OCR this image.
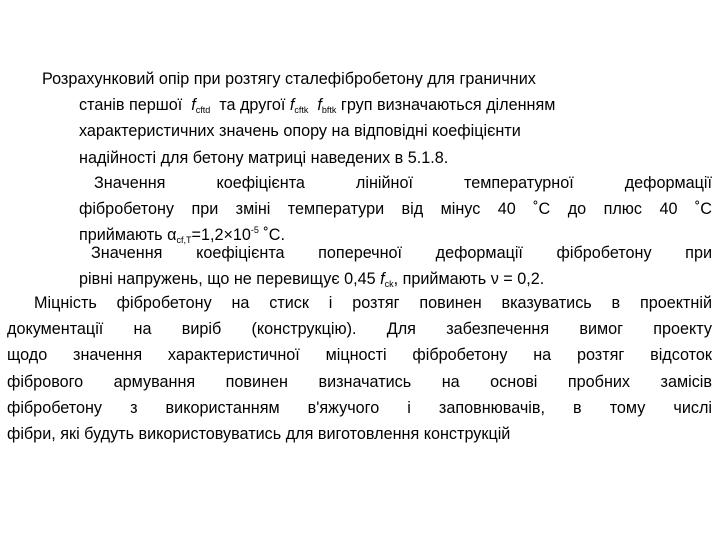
Розрахунковий опір при розтягу сталефібробетону для граничних
станів першої $f_{cftd}$ та другої $f_{cftk}$ $f_{bftk}$ груп визначаються діленням
характеристичних значень опору на відповідні коефіцієнти
надійності для бетону матриці наведених в 5.1.8.
Значення коефіцієнта лінійної температурної деформації
фібробетону при зміні температури від мінус 40 ˚С до плюс 40 ˚С
приймають $\alpha_{cf,T}=1,2\times 10^{-5}$ ˚С.
Значення коефіцієнта поперечної деформації фібробетону при
рівні напружень, що не перевищує 0,45 $f_{ck}$, приймають ν = 0,2.
Міцність фібробетону на стиск і розтяг повинен вказуватись в проектній
документації на виріб (конструкцію). Для забезпечення вимог проекту
щодо значення характеристичної міцності фібробетону на розтяг відсоток
фібрового армування повинен визначатись на основі пробних замісів
фібробетону з використанням в'яжучого і заповнювачів, в тому числі
фібри, які будуть використовуватись для виготовлення конструкцій
